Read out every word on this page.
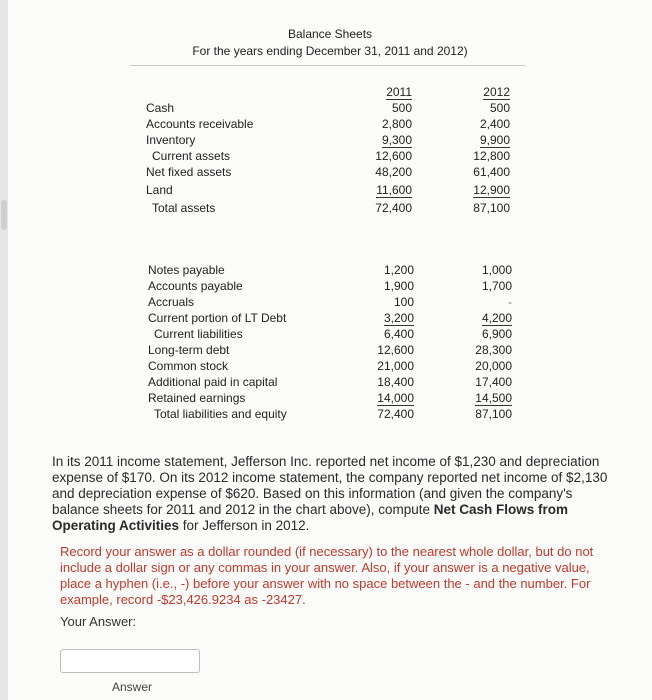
Balance Sheets
For the years ending December 31, 2011 and 2012)
	2011	2012
Cash	500	500
Accounts receivable	2,800	2,400
Inventory	9,300	9,900
Current assets	12,600	12,800
Net fixed assets	48,200	61,400
Land	11,600	12,900
Total assets	72,400	87,100
Notes payable	1,200	1,000
Accounts payable	1,900	1,700
Accruals	100	-
Current portion of LT Debt	3,200	4,200
Current liabilities	6,400	6,900
Long-term debt	12,600	28,300
Common stock	21,000	20,000
Additional paid in capital	18,400	17,400
Retained earnings	14,000	14,500
Total liabilities and equity	72,400	87,100
In its 2011 income statement, Jefferson Inc. reported net income of $1,230 and depreciation expense of $170. On its 2012 income statement, the company reported net income of $2,130 and depreciation expense of $620. Based on this information (and given the company's balance sheets for 2011 and 2012 in the chart above), compute Net Cash Flows from Operating Activities for Jefferson in 2012.
Record your answer as a dollar rounded (if necessary) to the nearest whole dollar, but do not include a dollar sign or any commas in your answer. Also, if your answer is a negative value, place a hyphen (i.e., -) before your answer with no space between the - and the number. For example, record -$23,426.9234 as -23427.
Your Answer:
Answer
